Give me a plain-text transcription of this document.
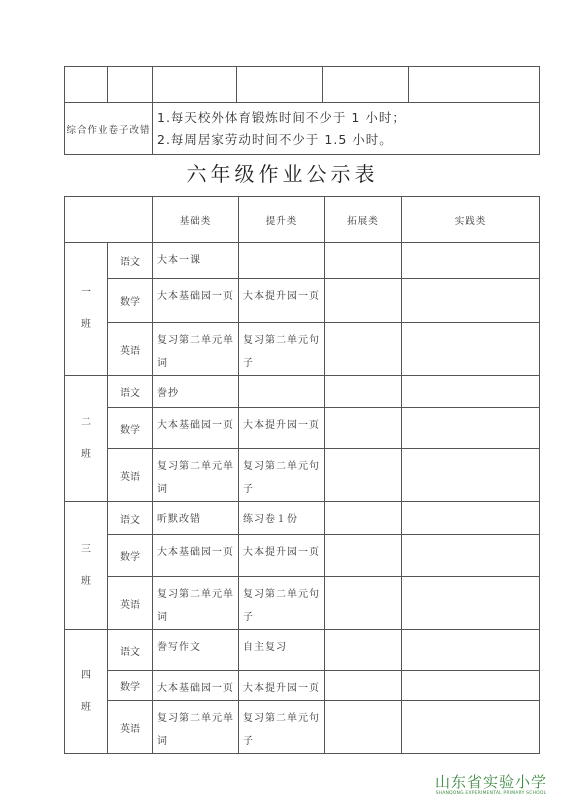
综合作业卷子改错		1.每天校外体育锻炼时间不少于 1 小时；
2.每周居家劳动时间不少于 1.5 小时。			
六年级作业公示表
		基础类	提升类	拓展类	实践类

一
班	语文	大本一课			
	数学	大本基础园一页	大本提升园一页		
	英语	复习第二单元单词	复习第二单元句子		

二
班	语文	誊抄			
	数学	大本基础园一页	大本提升园一页		
	英语	复习第二单元单词	复习第二单元句子		

三
班	语文	听默改错	练习卷１份		
	数学	大本基础园一页	大本提升园一页		
	英语	复习第二单元单词	复习第二单元句子		

四
班	语文	誊写作文	自主复习		
	数学	大本基础园一页	大本提升园一页		
	英语	复习第二单元单词	复习第二单元句子		
山东省实验小学
SHANDONG EXPERIMENTAL PRIMARY SCHOOL
